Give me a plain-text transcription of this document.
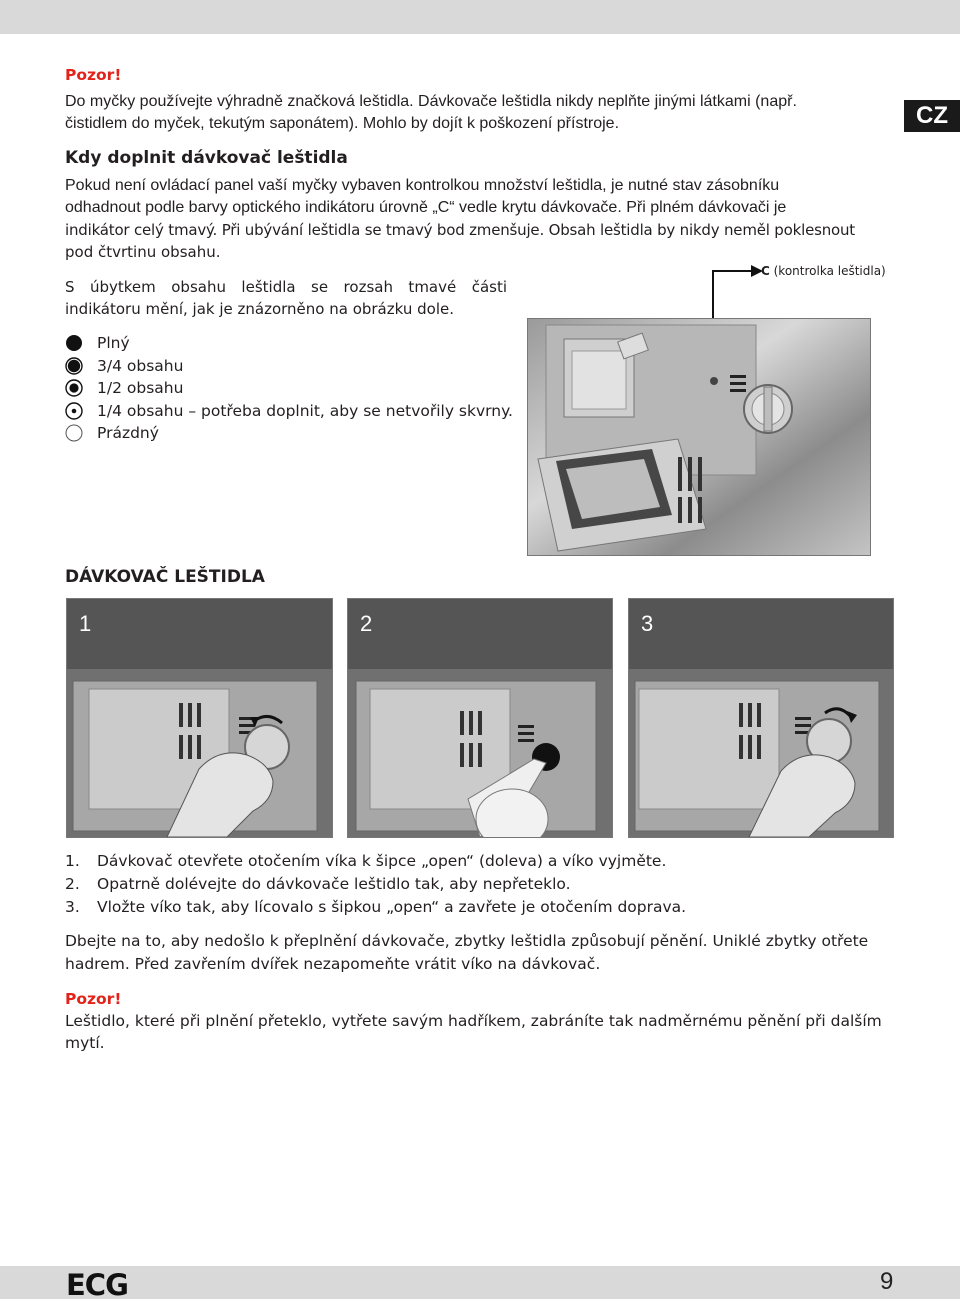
CZ
Pozor!
Do myčky používejte výhradně značková leštidla. Dávkovače leštidla nikdy neplňte jinými látkami (např.
čistidlem do myček, tekutým saponátem). Mohlo by dojít k poškození přístroje.
Kdy doplnit dávkovač leštidla
Pokud není ovládací panel vaší myčky vybaven kontrolkou množství leštidla, je nutné stav zásobníku
odhadnout podle barvy optického indikátoru úrovně „C“ vedle krytu dávkovače. Při plném dávkovači je
indikátor celý tmavý. Při ubývání leštidla se tmavý bod zmenšuje. Obsah leštidla by nikdy neměl poklesnout
pod čtvrtinu obsahu.
S úbytkem obsahu leštidla se rozsah tmavé části
indikátoru mění, jak je znázorněno na obrázku dole.
Plný
3/4 obsahu
1/2 obsahu
1/4 obsahu – potřeba doplnit, aby se netvořily skvrny.
Prázdný
C (kontrolka leštidla)
DÁVKOVAČ LEŠTIDLA
1	2	3
1.	Dávkovač otevřete otočením víka k šipce „open“ (doleva) a víko vyjměte.
2.	Opatrně dolévejte do dávkovače leštidlo tak, aby nepřeteklo.
3.	Vložte víko tak, aby lícovalo s šipkou „open“ a zavřete je otočením doprava.
Dbejte na to, aby nedošlo k přeplnění dávkovače, zbytky leštidla způsobují pěnění. Uniklé zbytky otřete
hadrem. Před zavřením dvířek nezapomeňte vrátit víko na dávkovač.
Pozor!
Leštidlo, které při plnění přeteklo, vytřete savým hadříkem, zabráníte tak nadměrnému pěnění při dalším
mytí.
ECG	9
